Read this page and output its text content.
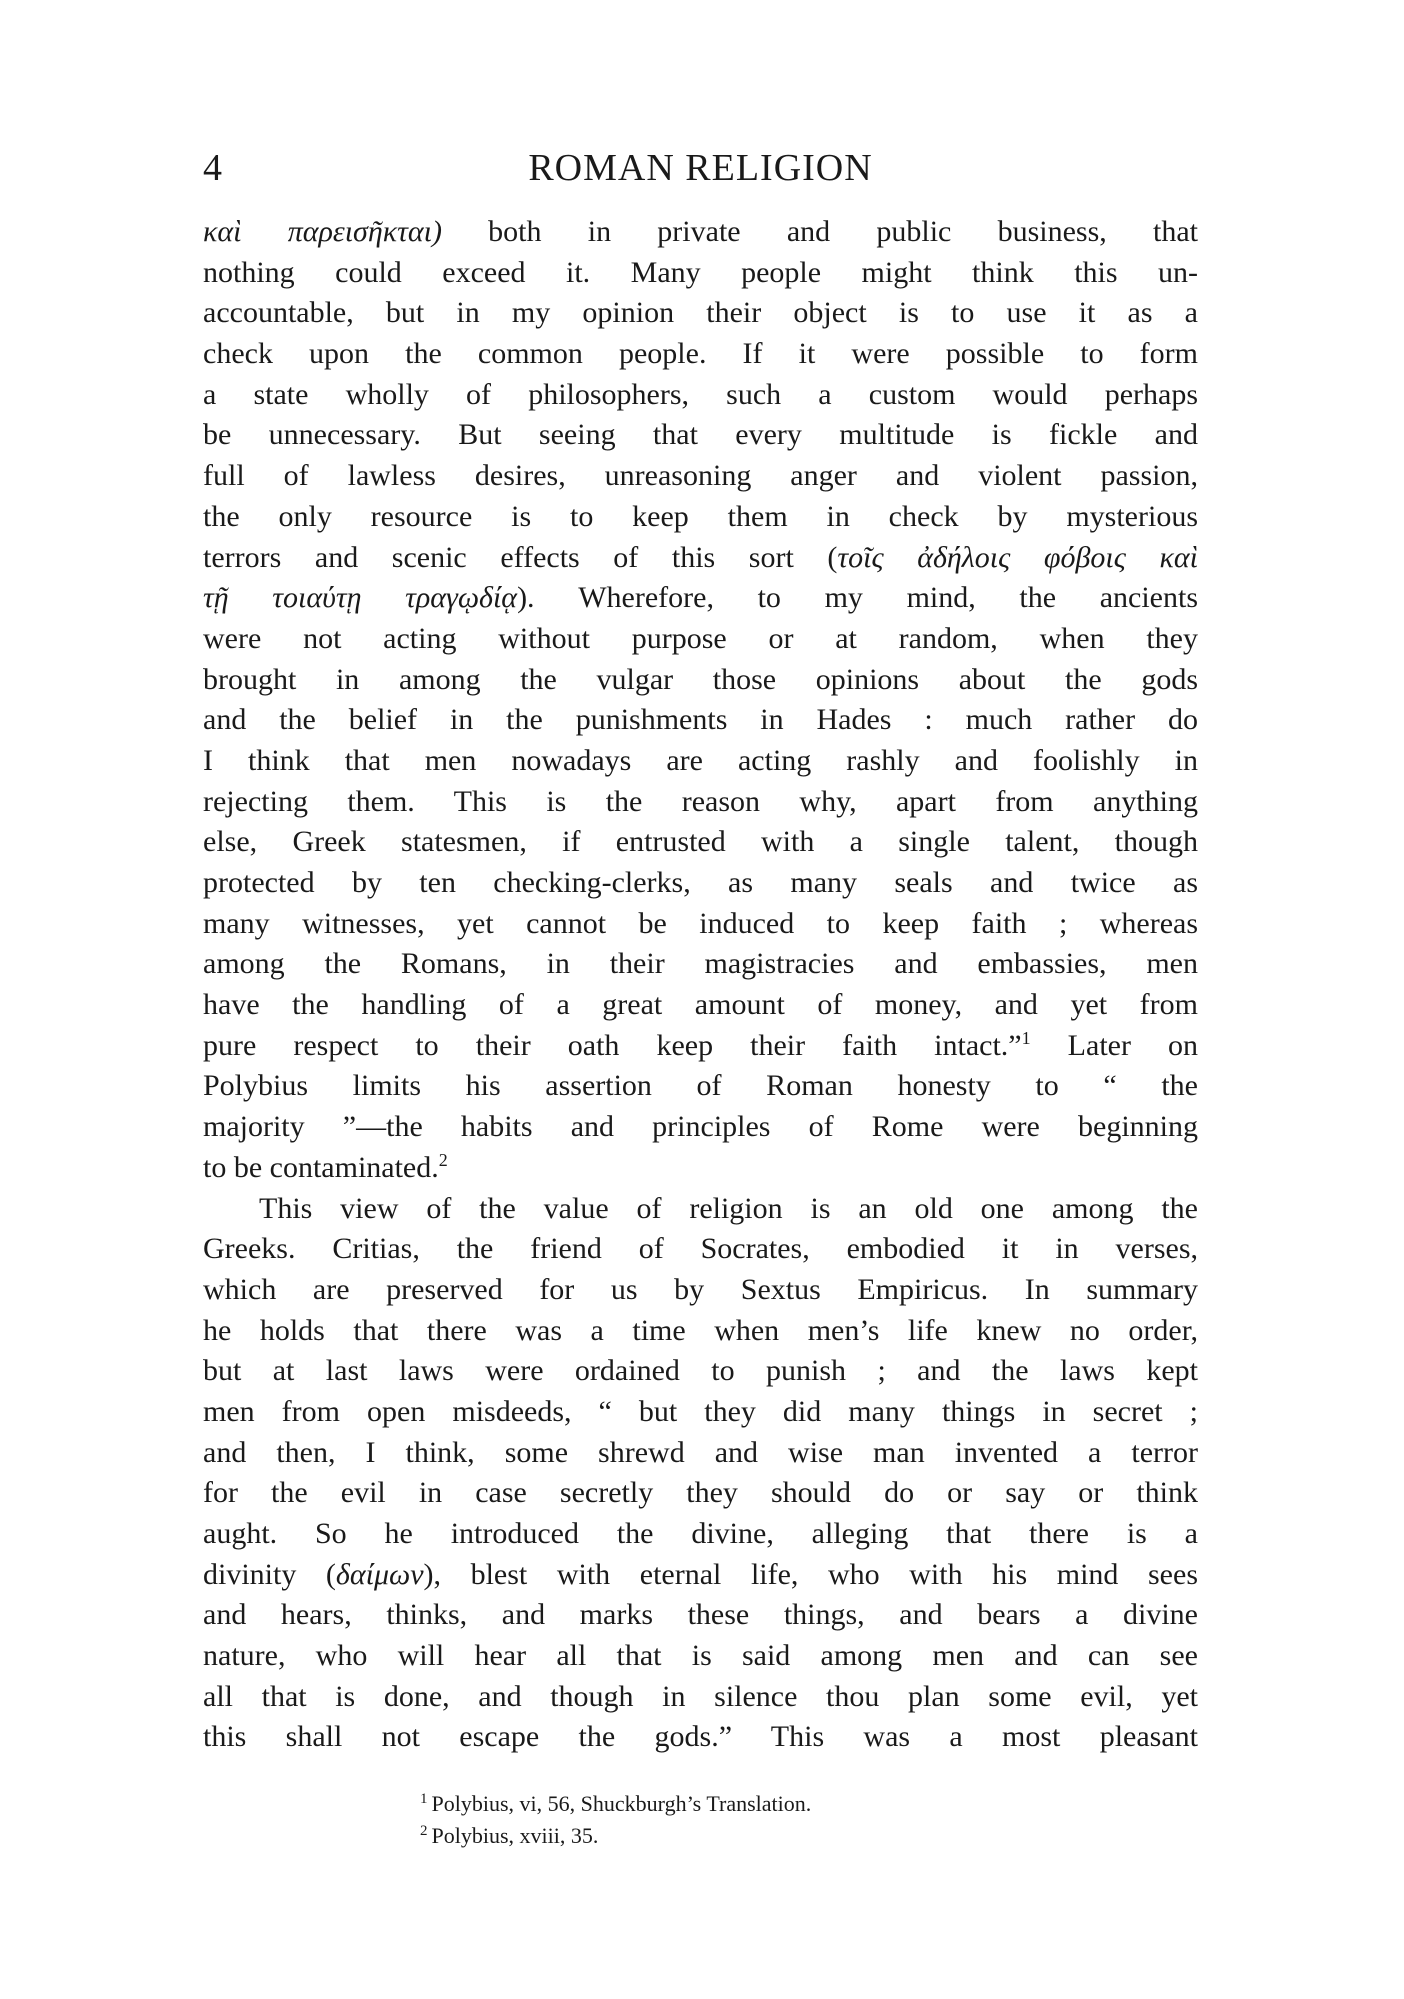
4	ROMAN RELIGION
καὶ παρεισῆκται) both in private and public business, that
nothing could exceed it. Many people might think this un-
accountable, but in my opinion their object is to use it as a
check upon the common people. If it were possible to form
a state wholly of philosophers, such a custom would perhaps
be unnecessary. But seeing that every multitude is fickle and
full of lawless desires, unreasoning anger and violent passion,
the only resource is to keep them in check by mysterious
terrors and scenic effects of this sort (τοῖς ἀδήλοις φόβοις καὶ
τῇ τοιαύτῃ τραγῳδίᾳ). Wherefore, to my mind, the ancients
were not acting without purpose or at random, when they
brought in among the vulgar those opinions about the gods
and the belief in the punishments in Hades : much rather do
I think that men nowadays are acting rashly and foolishly in
rejecting them. This is the reason why, apart from anything
else, Greek statesmen, if entrusted with a single talent, though
protected by ten checking-clerks, as many seals and twice as
many witnesses, yet cannot be induced to keep faith ; whereas
among the Romans, in their magistracies and embassies, men
have the handling of a great amount of money, and yet from
pure respect to their oath keep their faith intact.”$^1$ Later on
Polybius limits his assertion of Roman honesty to “ the
majority ”—the habits and principles of Rome were beginning
to be contaminated.$^2$
This view of the value of religion is an old one among the
Greeks. Critias, the friend of Socrates, embodied it in verses,
which are preserved for us by Sextus Empiricus. In summary
he holds that there was a time when men’s life knew no order,
but at last laws were ordained to punish ; and the laws kept
men from open misdeeds, “ but they did many things in secret ;
and then, I think, some shrewd and wise man invented a terror
for the evil in case secretly they should do or say or think
aught. So he introduced the divine, alleging that there is a
divinity (δαίμων), blest with eternal life, who with his mind sees
and hears, thinks, and marks these things, and bears a divine
nature, who will hear all that is said among men and can see
all that is done, and though in silence thou plan some evil, yet
this shall not escape the gods.” This was a most pleasant
$^1$ Polybius, vi, 56, Shuckburgh’s Translation.
$^2$ Polybius, xviii, 35.
